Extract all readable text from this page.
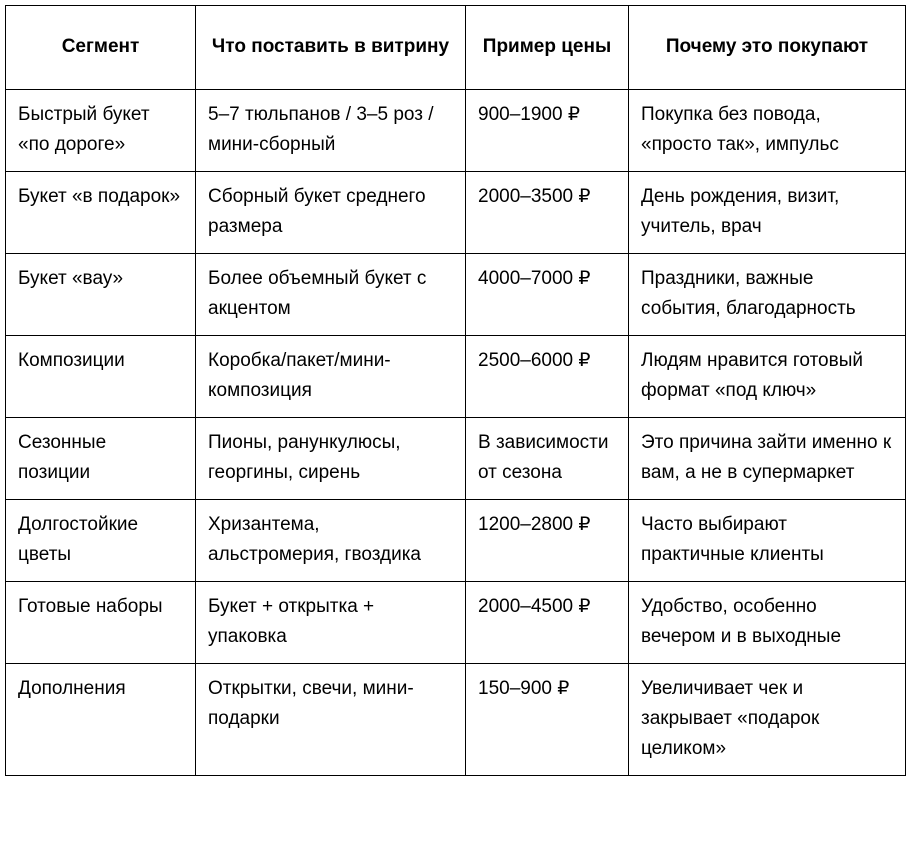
Сегмент	Что поставить в витрину	Пример цены	Почему это покупают
Быстрый букет «по дороге»	5–7 тюльпанов / 3–5 роз / мини-сборный	900–1900 ₽	Покупка без повода, «просто так», импульс
Букет «в подарок»	Сборный букет среднего размера	2000–3500 ₽	День рождения, визит, учитель, врач
Букет «вау»	Более объемный букет с акцентом	4000–7000 ₽	Праздники, важные события, благодарность
Композиции	Коробка/пакет/мини-композиция	2500–6000 ₽	Людям нравится готовый формат «под ключ»
Сезонные позиции	Пионы, ранункулюсы, георгины, сирень	В зависимости от сезона	Это причина зайти именно к вам, а не в супермаркет
Долгостойкие цветы	Хризантема, альстромерия, гвоздика	1200–2800 ₽	Часто выбирают практичные клиенты
Готовые наборы	Букет + открытка + упаковка	2000–4500 ₽	Удобство, особенно вечером и в выходные
Дополнения	Открытки, свечи, мини-подарки	150–900 ₽	Увеличивает чек и закрывает «подарок целиком»
